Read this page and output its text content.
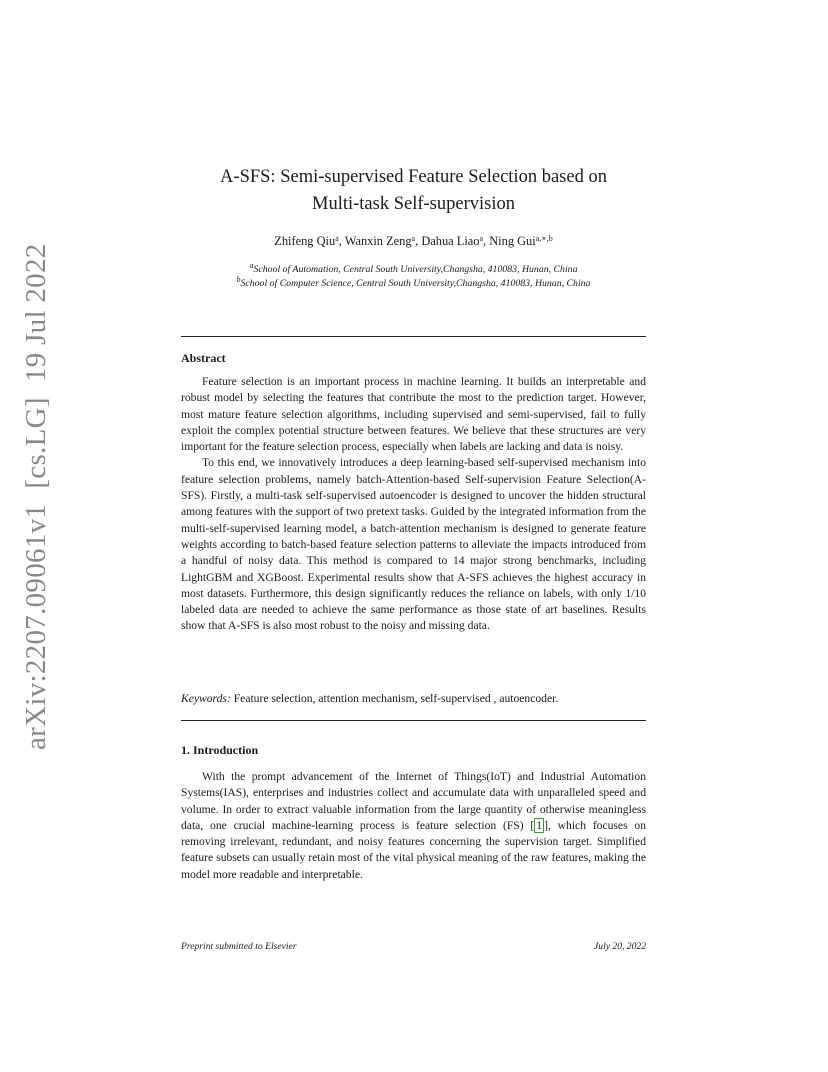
arXiv:2207.09061v1  [cs.LG]  19 Jul 2022
A-SFS: Semi-supervised Feature Selection based on
Multi-task Self-supervision
Zhifeng Qiu$^a$, Wanxin Zeng$^a$, Dahua Liao$^a$, Ning Gui$^{a,∗,b}$
$^a$School of Automation, Central South University,Changsha, 410083, Hunan, China
$^b$School of Computer Science, Central South University,Changsha, 410083, Hunan, China
Abstract

Feature selection is an important process in machine learning. It builds an interpretable and robust model by selecting the features that contribute the most to the prediction target. However, most mature feature selection algorithms, including supervised and semi-supervised, fail to fully exploit the complex potential structure between features. We believe that these structures are very important for the feature selection process, especially when labels are lacking and data is noisy.

To this end, we innovatively introduces a deep learning-based self-supervised mechanism into feature selection problems, namely batch-Attention-based Self-supervision Feature Selection(A-SFS). Firstly, a multi-task self-supervised autoencoder is designed to uncover the hidden structural among features with the support of two pretext tasks. Guided by the integrated information from the multi-self-supervised learning model, a batch-attention mechanism is designed to generate feature weights according to batch-based feature selection patterns to alleviate the impacts introduced from a handful of noisy data. This method is compared to 14 major strong benchmarks, including LightGBM and XGBoost. Experimental results show that A-SFS achieves the highest accuracy in most datasets. Furthermore, this design significantly reduces the reliance on labels, with only 1/10 labeled data are needed to achieve the same performance as those state of art baselines. Results show that A-SFS is also most robust to the noisy and missing data.

Keywords: Feature selection, attention mechanism, self-supervised , autoencoder.
1. Introduction

With the prompt advancement of the Internet of Things(IoT) and Industrial Automation Systems(IAS), enterprises and industries collect and accumulate data with unparalleled speed and volume. In order to extract valuable information from the large quantity of otherwise meaningless data, one crucial machine-learning process is feature selection (FS) [ 1 ], which focuses on removing irrelevant, redundant, and noisy features concerning the supervision target. Simplified feature subsets can usually retain most of the vital physical meaning of the raw features, making the model more readable and interpretable.

Preprint submitted to Elsevier	July 20, 2022
